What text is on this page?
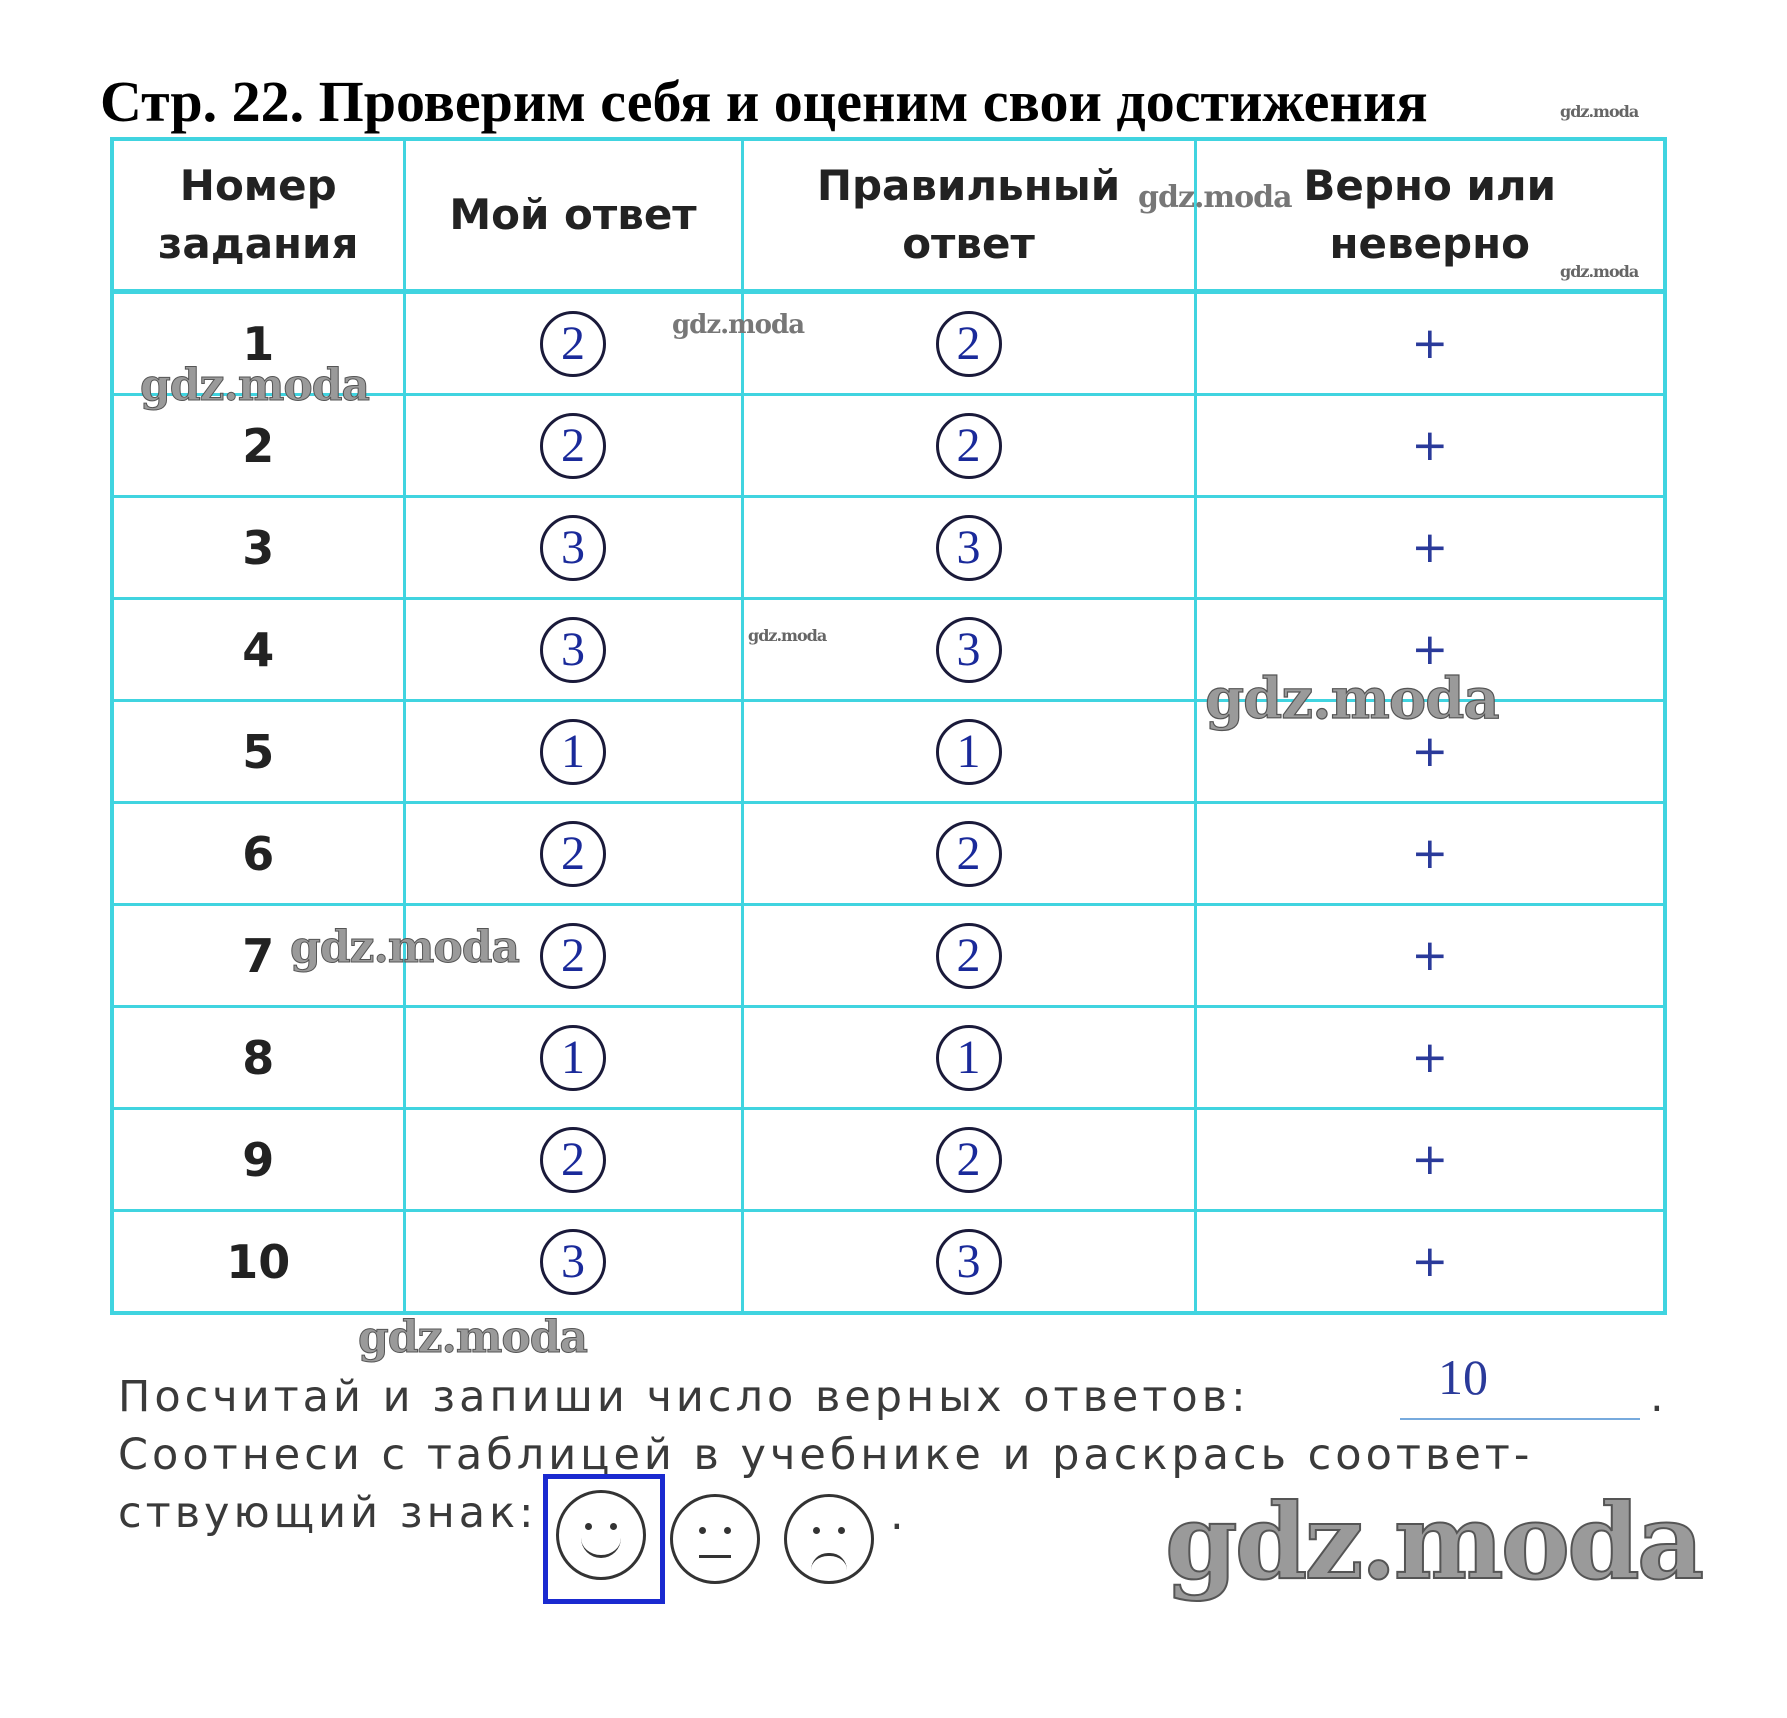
Стр. 22. Проверим себя и оценим свои достижения
Номер задания	Мой ответ	Правильный ответ	Верно или неверно
1	2	2	+
2	2	2	+
3	3	3	+
4	3	3	+
5	1	1	+
6	2	2	+
7	2	2	+
8	1	1	+
9	2	2	+
10	3	3	+
gdz.moda
gdz.moda
gdz.moda
gdz.moda
gdz.moda
gdz.moda
gdz.moda
gdz.moda
gdz.moda
gdz.moda
Посчитай и запиши число верных ответов:	10	.
Соотнеси с таблицей в учебнике и раскрась соответ-
ствующий знак:	.
